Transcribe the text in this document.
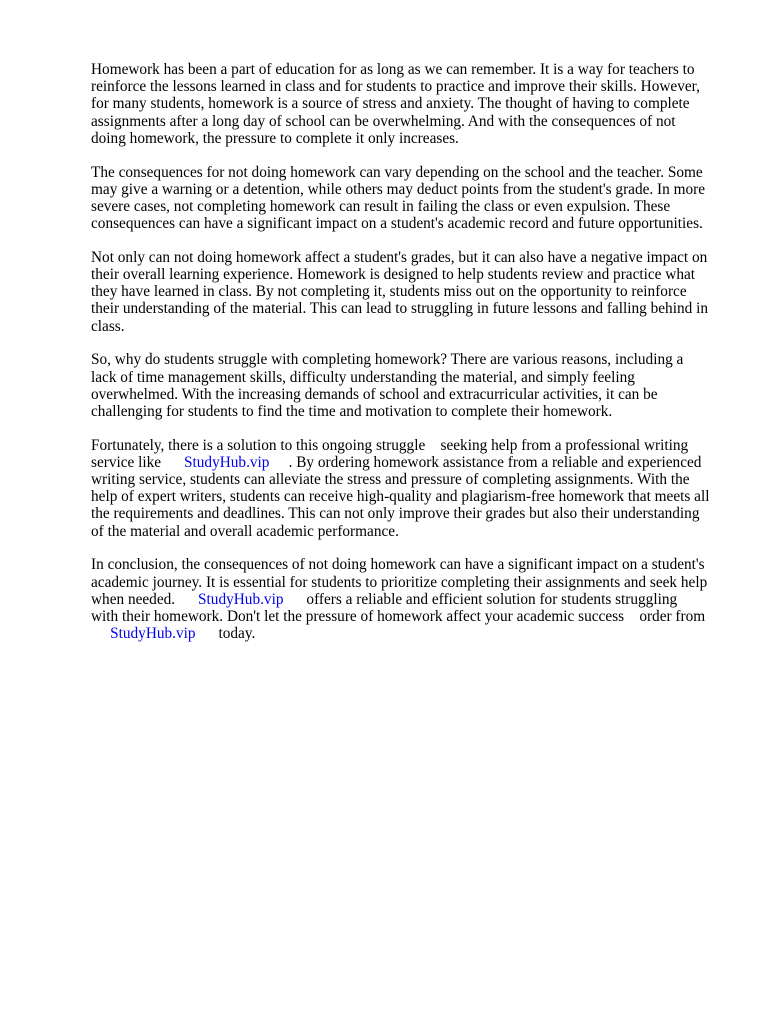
Homework has been a part of education for as long as we can remember. It is a way for teachers to
reinforce the lessons learned in class and for students to practice and improve their skills. However,
for many students, homework is a source of stress and anxiety. The thought of having to complete
assignments after a long day of school can be overwhelming. And with the consequences of not
doing homework, the pressure to complete it only increases.

The consequences for not doing homework can vary depending on the school and the teacher. Some
may give a warning or a detention, while others may deduct points from the student's grade. In more
severe cases, not completing homework can result in failing the class or even expulsion. These
consequences can have a significant impact on a student's academic record and future opportunities.

Not only can not doing homework affect a student's grades, but it can also have a negative impact on
their overall learning experience. Homework is designed to help students review and practice what
they have learned in class. By not completing it, students miss out on the opportunity to reinforce
their understanding of the material. This can lead to struggling in future lessons and falling behind in
class.

So, why do students struggle with completing homework? There are various reasons, including a
lack of time management skills, difficulty understanding the material, and simply feeling
overwhelmed. With the increasing demands of school and extracurricular activities, it can be
challenging for students to find the time and motivation to complete their homework.

Fortunately, there is a solution to this ongoing struggle    seeking help from a professional writing
service like      StudyHub.vip     . By ordering homework assistance from a reliable and experienced
writing service, students can alleviate the stress and pressure of completing assignments. With the
help of expert writers, students can receive high-quality and plagiarism-free homework that meets all
the requirements and deadlines. This can not only improve their grades but also their understanding
of the material and overall academic performance.

In conclusion, the consequences of not doing homework can have a significant impact on a student's
academic journey. It is essential for students to prioritize completing their assignments and seek help
when needed.      StudyHub.vip      offers a reliable and efficient solution for students struggling
with their homework. Don't let the pressure of homework affect your academic success    order from
StudyHub.vip      today.
